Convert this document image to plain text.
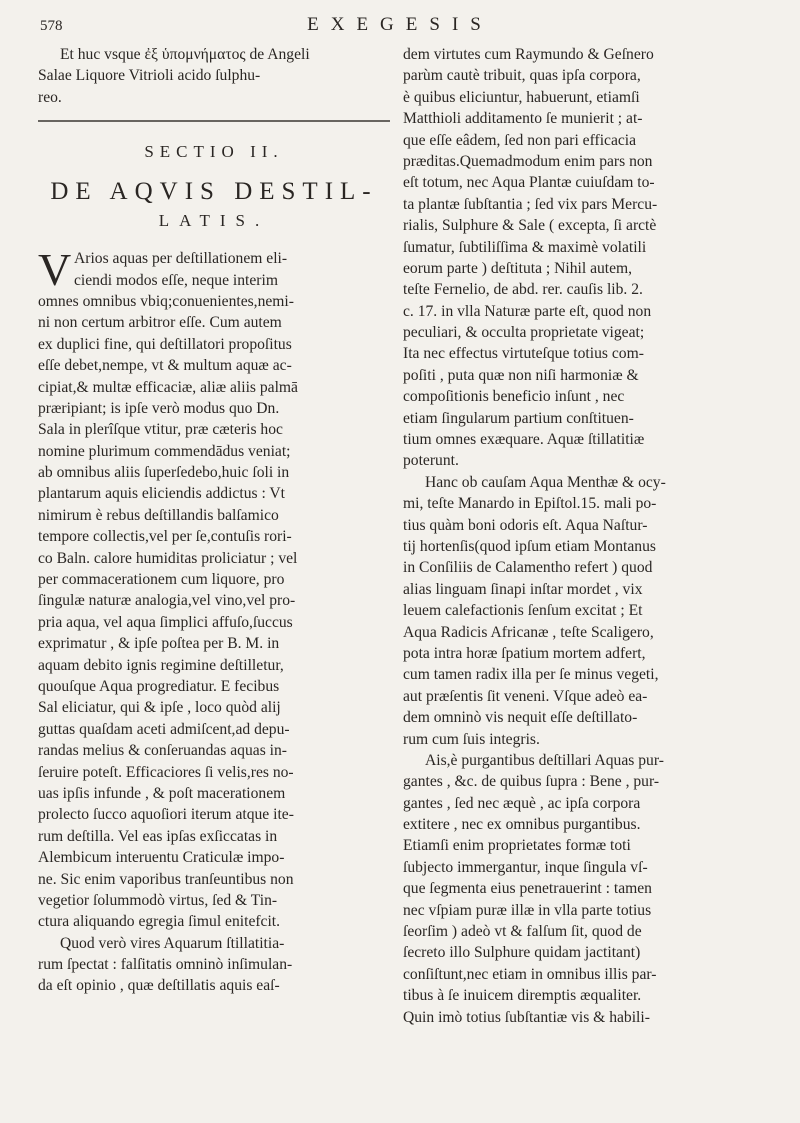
578	EXEGESIS
Et huc vsque ἐξ ὑπομνήματος de Angeli
Salae Liquore Vitrioli acido ſulphu-
reo.
SECTIO II.
DE AQVIS DESTIL-
LATIS.
V Arios aquas per deſtillationem eli-
ciendi modos eſſe, neque interim
omnes omnibus vbiq;conuenientes,nemi-
ni non certum arbitror eſſe. Cum autem
ex duplici fine, qui deſtillatori propoſitus
eſſe debet,nempe, vt & multum aquæ ac-
cipiat,& multæ efficaciæ, aliæ aliis palmā
præripiant; is ipſe verò modus quo Dn.
Sala in plerîſque vtitur, præ cæteris hoc
nomine plurimum commendādus veniat;
ab omnibus aliis ſuperſedebo,huic ſoli in
plantarum aquis eliciendis addictus : Vt
nimirum è rebus deſtillandis balſamico
tempore collectis,vel per ſe,contuſis rori-
co Baln. calore humiditas proliciatur ; vel
per commacerationem cum liquore, pro
ſingulæ naturæ analogia,vel vino,vel pro-
pria aqua, vel aqua ſimplici affuſo,ſuccus
exprimatur , & ipſe poſtea per B. M. in
aquam debito ignis regimine deſtilletur,
quouſque Aqua progrediatur. E fecibus
Sal eliciatur, qui & ipſe , loco quòd alij
guttas quaſdam aceti admiſcent,ad depu-
randas melius & conſeruandas aquas in-
ſeruire poteſt. Efficaciores ſi velis,res no-
uas ipſis infunde , & poſt macerationem
prolecto ſucco aquoſiori iterum atque ite-
rum deſtilla. Vel eas ipſas exſiccatas in
Alembicum interuentu Craticulæ impo-
ne. Sic enim vaporibus tranſeuntibus non
vegetior ſolummodò virtus, ſed & Tin-
ctura aliquando egregia ſimul enitefcit.
Quod verò vires Aquarum ſtillatitia-
rum ſpectat : falſitatis omninò inſimulan-
da eſt opinio , quæ deſtillatis aquis eaſ-
dem virtutes cum Raymundo & Geſnero
parùm cautè tribuit, quas ipſa corpora,
è quibus eliciuntur, habuerunt, etiamſi
Matthioli additamento ſe munierit ; at-
que eſſe eâdem, ſed non pari efficacia
præditas.Quemadmodum enim pars non
eſt totum, nec Aqua Plantæ cuiuſdam to-
ta plantæ ſubſtantia ; ſed vix pars Mercu-
rialis, Sulphure & Sale ( excepta, ſi arctè
ſumatur, ſubtiliſſima & maximè volatili
eorum parte ) deſtituta ; Nihil autem,
teſte Fernelio, de abd. rer. cauſis lib. 2.
c. 17. in vlla Naturæ parte eſt, quod non
peculiari, & occulta proprietate vigeat;
Ita nec effectus virtuteſque totius com-
poſiti , puta quæ non niſi harmoniæ &
compoſitionis beneficio inſunt , nec
etiam ſingularum partium conſtituen-
tium omnes exæquare. Aquæ ſtillatitiæ
poterunt.
Hanc ob cauſam Aqua Menthæ & ocy-
mi, teſte Manardo in Epiſtol.15. mali po-
tius quàm boni odoris eſt. Aqua Naſtur-
tij hortenſis(quod ipſum etiam Montanus
in Conſiliis de Calamentho refert ) quod
alias linguam ſinapi inſtar mordet , vix
leuem calefactionis ſenſum excitat ; Et
Aqua Radicis Africanæ , teſte Scaligero,
pota intra horæ ſpatium mortem adfert,
cum tamen radix illa per ſe minus vegeti,
aut præſentis ſit veneni. Vſque adeò ea-
dem omninò vis nequit eſſe deſtillato-
rum cum ſuis integris.
Ais,è purgantibus deſtillari Aquas pur-
gantes , &c. de quibus ſupra : Bene , pur-
gantes , ſed nec æquè , ac ipſa corpora
extitere , nec ex omnibus purgantibus.
Etiamſi enim proprietates formæ toti
ſubjecto immergantur, inque ſingula vſ-
que ſegmenta eius penetrauerint : tamen
nec vſpiam puræ illæ in vlla parte totius
ſeorſim ) adeò vt & falſum ſit, quod de
ſecreto illo Sulphure quidam jactitant)
conſiſtunt,nec etiam in omnibus illis par-
tibus à ſe inuicem diremptis æqualiter.
Quin imò totius ſubſtantiæ vis & habili-
